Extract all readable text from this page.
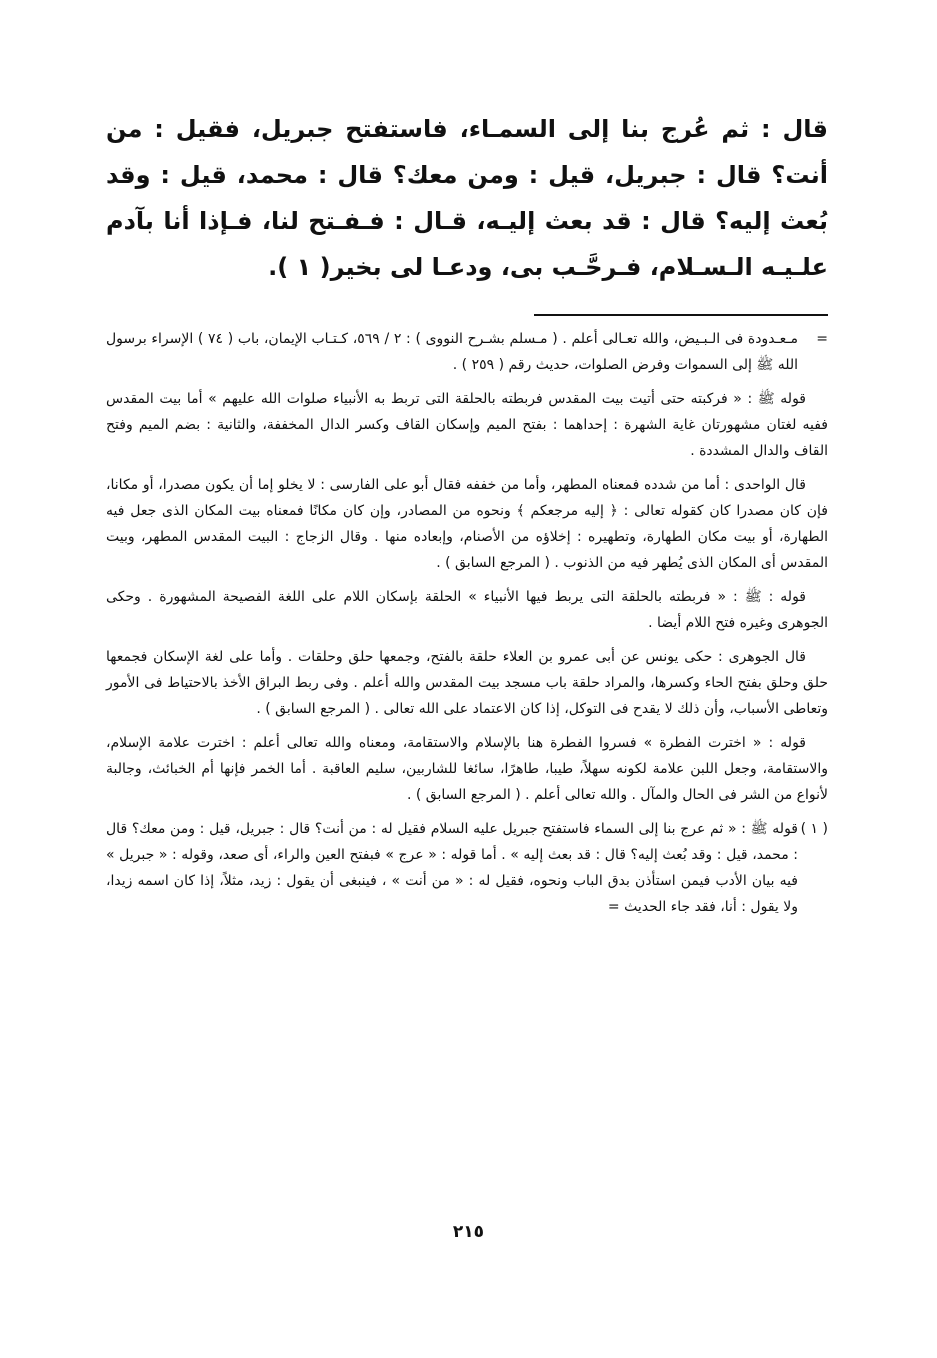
قال : ثم عُرج بنا إلى السمـاء، فاستفتح جبريل، فقيل : من أنت؟ قال : جبريل، قيل : ومن معك؟ قال : محمد، قيل : وقد بُعث إليه؟ قال : قد بعث إليـه، قـال : فـفـتح لنا، فـإذا أنا بآدم علـيـه الـسـلام، فـرحَّـب بى، ودعـا لى بخير( ١ ).

=
مـعـدودة فى الـبـيض، والله تعـالى أعلم . ( مـسلم بشـرح النووى ) : ٢ / ٥٦٩، كـتـاب الإيمان، باب ( ٧٤ ) الإسراء برسول الله ﷺ إلى السموات وفرض الصلوات، حديث رقم ( ٢٥٩ ) .

قوله ﷺ : « فركبته حتى أتيت بيت المقدس فربطته بالحلقة التى تربط به الأنبياء صلوات الله عليهم » أما بيت المقدس ففيه لغتان مشهورتان غاية الشهرة : إحداهما : بفتح الميم وإسكان القاف وكسر الدال المخففة، والثانية : بضم الميم وفتح القاف والدال المشددة .

قال الواحدى : أما من شدده فمعناه المطهر، وأما من خففه فقال أبو على الفارسى : لا يخلو إما أن يكون مصدرا، أو مكانا، فإن كان مصدرا كان كقوله تعالى : ﴿ إليه مرجعكم ﴾ ونحوه من المصادر، وإن كان مكانًا فمعناه بيت المكان الذى جعل فيه الطهارة، أو بيت مكان الطهارة، وتطهيره : إخلاؤه من الأصنام، وإبعاده منها . وقال الزجاج : البيت المقدس المطهر، وبيت المقدس أى المكان الذى يُطهر فيه من الذنوب . ( المرجع السابق ) .

قوله : ﷺ : « فربطته بالحلقة التى يربط فيها الأنبياء » الحلقة بإسكان اللام على اللغة الفصيحة المشهورة . وحكى الجوهرى وغيره فتح اللام أيضا .

قال الجوهرى : حكى يونس عن أبى عمرو بن العلاء حلقة بالفتح، وجمعها حلق وحلقات . وأما على لغة الإسكان فجمعها حلق وحلق بفتح الحاء وكسرها، والمراد حلقة باب مسجد بيت المقدس والله أعلم . وفى ربط البراق الأخذ بالاحتياط فى الأمور وتعاطى الأسباب، وأن ذلك لا يقدح فى التوكل، إذا كان الاعتماد على الله تعالى . ( المرجع السابق ) .

قوله : « اخترت الفطرة » فسروا الفطرة هنا بالإسلام والاستقامة، ومعناه والله تعالى أعلم : اخترت علامة الإسلام، والاستقامة، وجعل اللبن علامة لكونه سهلاً، طيبا، طاهرًا، سائغا للشاربين، سليم العاقبة . أما الخمر فإنها أم الخبائث، وجالبة لأنواع من الشر فى الحال والمآل . والله تعالى أعلم . ( المرجع السابق ) .

( ١ )
قوله ﷺ : « ثم عرج بنا إلى السماء فاستفتح جبريل عليه السلام فقيل له : من أنت؟ قال : جبريل، قيل : ومن معك؟ قال : محمد، قيل : وقد بُعث إليه؟ قال : قد بعث إليه » . أما قوله : « عرج » فبفتح العين والراء، أى صعد، وقوله : « جبريل » فيه بيان الأدب فيمن استأذن بدق الباب ونحوه، فقيل له : « من أنت » ، فينبغى أن يقول : زيد، مثلاً، إذا كان اسمه زيدا، ولا يقول : أنا، فقد جاء الحديث =

٢١٥
